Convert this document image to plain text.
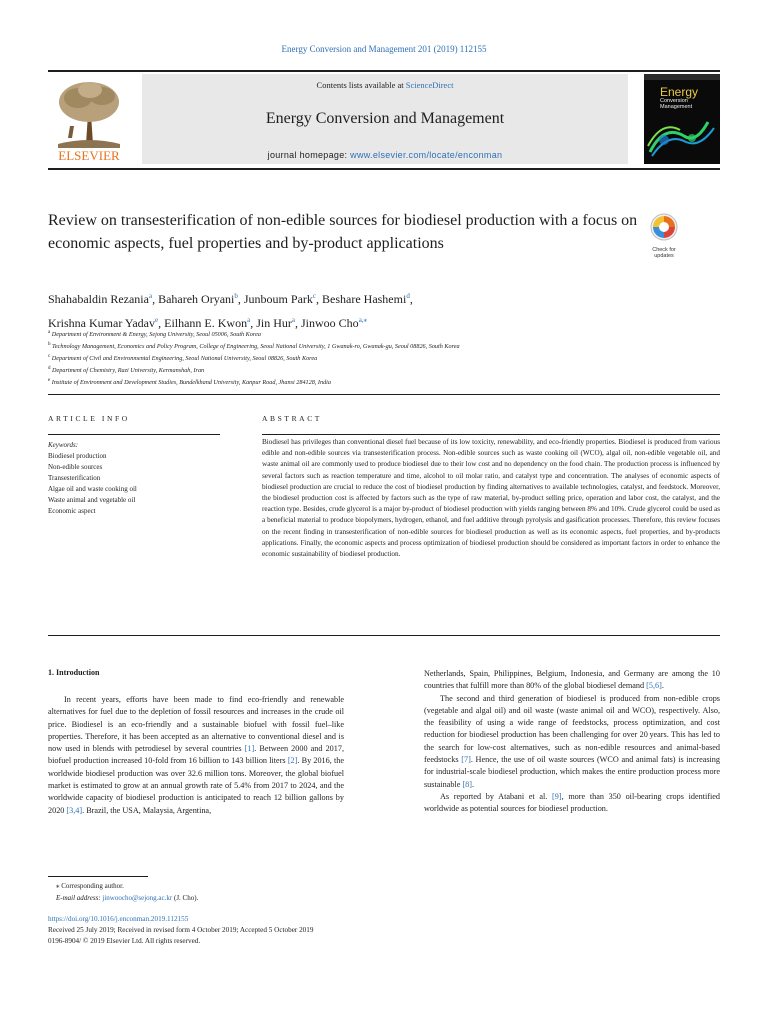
Energy Conversion and Management 201 (2019) 112155
ELSEVIER
Contents lists available at ScienceDirect
Energy Conversion and Management
journal homepage: www.elsevier.com/locate/enconman
Energy
Conversion
Management
Review on transesterification of non-edible sources for biodiesel production with a focus on economic aspects, fuel properties and by-product applications	Check for
updates
Shahabaldin Rezania$^a$, Bahareh Oryani$^b$, Junboum Park$^c$, Beshare Hashemi$^d$,
Krishna Kumar Yadav$^e$, Eilhann E. Kwon$^a$, Jin Hur$^a$, Jinwoo Cho$^{a,⁎}$
$^a$ Department of Environment & Energy, Sejong University, Seoul 05006, South Korea
$^b$ Technology Management, Economics and Policy Program, College of Engineering, Seoul National University, 1 Gwanak-ro, Gwanak-gu, Seoul 08826, South Korea
$^c$ Department of Civil and Environmental Engineering, Seoul National University, Seoul 08826, South Korea
$^d$ Department of Chemistry, Razi University, Kermanshah, Iran
$^e$ Institute of Environment and Development Studies, Bundelkhand University, Kanpur Road, Jhansi 284128, India
ARTICLE INFO	ABSTRACT
Keywords:
Biodiesel production
Non-edible sources
Transesterification
Algae oil and waste cooking oil
Waste animal and vegetable oil
Economic aspect
Biodiesel has privileges than conventional diesel fuel because of its low toxicity, renewability, and eco-friendly properties. Biodiesel is produced from various edible and non-edible sources via transesterification process. Non-edible sources such as waste cooking oil (WCO), algal oil, non-edible vegetable oil, and waste animal oil are commonly used to produce biodiesel due to their low cost and no dependency on the food chain. The production process is influenced by several factors such as reaction temperature and time, alcohol to oil molar ratio, and catalyst type and concentration. The analyses of economic aspects of biodiesel production are crucial to reduce the cost of biodiesel production by finding alternatives to available technologies, catalyst, and feedstock. Moreover, the biodiesel production cost is affected by factors such as the type of raw material, by-product selling price, operation and labor cost, the catalyst, and the reaction type. Besides, crude glycerol is a major by-product of biodiesel production with yields ranging between 8% and 10%. Crude glycerol could be used as a beneficial material to produce biopolymers, hydrogen, ethanol, and fuel additive through pyrolysis and gasification processes. Therefore, this review focuses on the recent finding in transesterification of non-edible sources for biodiesel production as well as its economic aspects, fuel properties, and by-products applications. Finally, the economic aspects and process optimization of biodiesel production should be considered as important factors in order to enhance the economic sustainability of biodiesel production.
1. Introduction

In recent years, efforts have been made to find eco-friendly and renewable alternatives for fuel due to the depletion of fossil resources and increases in the crude oil price. Biodiesel is an eco-friendly and a sustainable biofuel with fossil fuel–like properties. Therefore, it has been accepted as an alternative to conventional diesel and is now used in blends with petrodiesel by several countries [1]. Between 2000 and 2017, biofuel production increased 10-fold from 16 billion to 143 billion liters [2]. By 2016, the worldwide biodiesel production was over 32.6 million tons. Moreover, the global biofuel market is estimated to grow at an annual growth rate of 5.4% from 2017 to 2024, and the worldwide capacity of biodiesel production is anticipated to reach 12 billion gallons by 2020 [3,4]. Brazil, the USA, Malaysia, Argentina,

Netherlands, Spain, Philippines, Belgium, Indonesia, and Germany are among the 10 countries that fulfill more than 80% of the global biodiesel demand [5,6].

The second and third generation of biodiesel is produced from non-edible crops (vegetable and algal oil) and oil waste (waste animal oil and WCO), respectively. Also, the feasibility of using a wide range of feedstocks, process optimization, and cost reduction for biodiesel production has been challenging for over 20 years. This has led to the search for low-cost alternatives, such as non-edible resources and animal-based feedstocks [7]. Hence, the use of oil waste sources (WCO and animal fats) is increasing for industrial-scale biodiesel production, which makes the entire production process more sustainable [8].

As reported by Atabani et al. [9], more than 350 oil-bearing crops identified worldwide as potential sources for biodiesel production.

⁎ Corresponding author.
E-mail address: jinwoocho@sejong.ac.kr (J. Cho).
https://doi.org/10.1016/j.enconman.2019.112155
Received 25 July 2019; Received in revised form 4 October 2019; Accepted 5 October 2019
0196-8904/ © 2019 Elsevier Ltd. All rights reserved.
